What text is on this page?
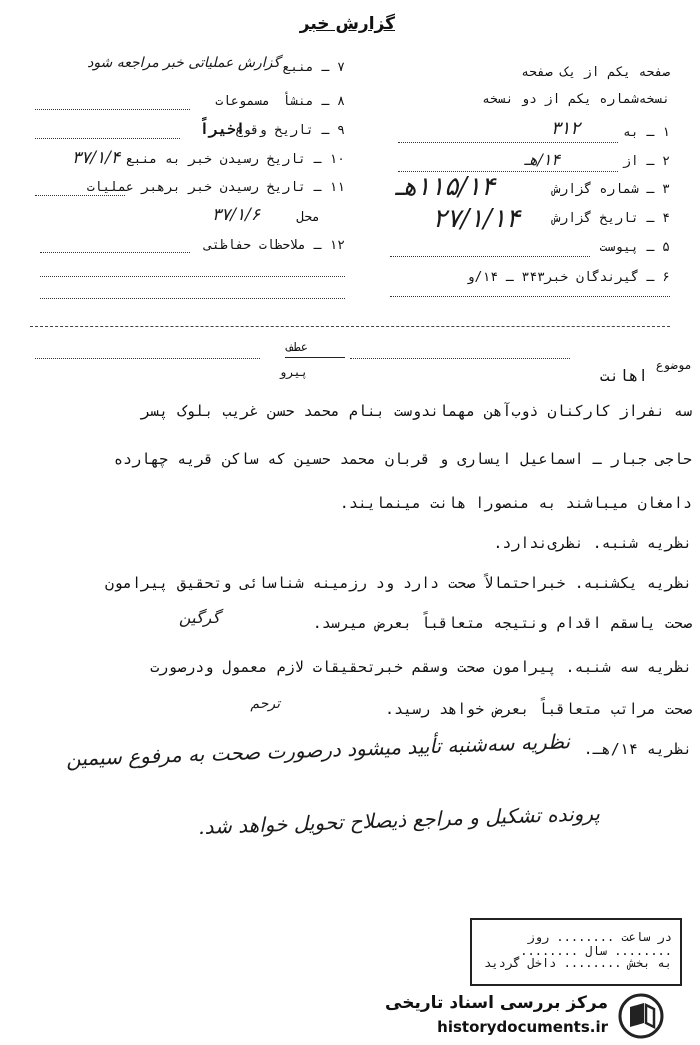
گزارش خبر
صفحه یکم از یک صفحه
نسخه‌شماره یکم از دو نسخه
۱ ـ به
۳۱۲
۲ ـ از
۱۴/هـ
۳ ـ شماره گزارش
۱۱۵/۱۴هـ
۴ ـ تاریخ گزارش
۲۷/۱/۱۴
۵ ـ پیوست
۶ ـ گیرندگان خبر
۳۴۳ ـ ۱۴/و
۷ ـ منبع
گزارش عملیاتی خبر مراجعه شود
۸ ـ منشأ
مسموعات
۹ ـ تاریخ وقوع
اخیراً
۱۰ ـ تاریخ رسیدن خبر به منبع
۳۷/۱/۴
۱۱ ـ تاریخ رسیدن خبر برهبر عملیات
محل
۳۷/۱/۶
۱۲ ـ ملاحظات حفاظتی
موضوع
اهانت
عطف
پیرو
سه نفراز کارکنان ذوب‌آهن مهماندوست بنام محمد حسن غریب بلوک پسر
حاجی جبار ـ اسماعیل ایساری و قربان محمد حسین که ساکن قریه چهارده
دامغان میباشند به منصورا هانت مینمایند.
نظریه شنبه. نظری‌ندارد.
نظریه یکشنبه. خبراحتمالاً صحت دارد ود رزمینه شناسائی وتحقیق پیرامون
صحت یاسقم اقدام ونتیجه متعاقباً بعرض میرسد.
گرگین
نظریه سه شنبه. پیرامون صحت وسقم خبرتحقیقات لازم معمول ودرصورت
صحت مراتب متعاقباً بعرض خواهد رسید.
ترحم
نظریه ۱۴/هـ.
نظریه سه‌شنبه تأیید میشود درصورت صحت به مرفوع سیمین
پرونده تشکیل و مراجع ذیصلاح تحویل خواهد شد.
در ساعت ........ روز ........ سال ........
به بخش ........ داخل گردید
مرکز بررسی اسناد تاریخی
historydocuments.ir
